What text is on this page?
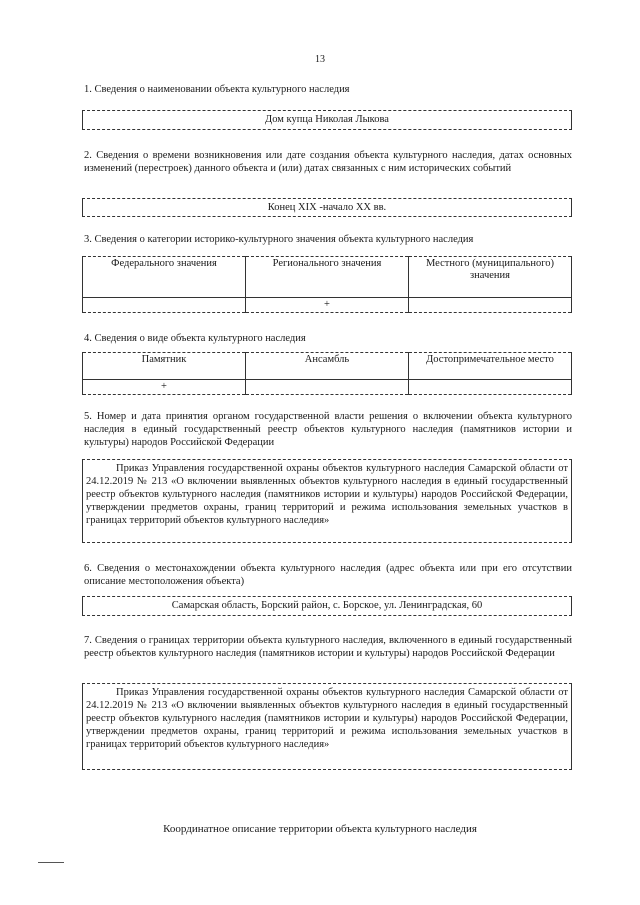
13
1. Сведения о наименовании объекта культурного наследия
Дом купца Николая Лыкова
2. Сведения о времени возникновения или дате создания объекта культурного наследия, датах основных изменений (перестроек) данного объекта и (или) датах связанных с ним исторических событий
Конец XIX -начало XX вв.
3. Сведения о категории историко-культурного значения объекта культурного наследия
Федерального значения	Регионального значения	Местного (муниципального) значения
	+	
4. Сведения о виде объекта культурного наследия
Памятник	Ансамбль	Достопримечательное место
+		
5. Номер и дата принятия органом государственной власти решения о включении объекта культурного наследия в единый государственный реестр объектов культурного наследия (памятников истории и культуры) народов Российской Федерации
Приказ Управления государственной охраны объектов культурного наследия Самарской области от 24.12.2019 № 213 «О включении выявленных объектов культурного наследия в единый государственный реестр объектов культурного наследия (памятников истории и культуры) народов Российской Федерации, утверждении предметов охраны, границ территорий и режима использования земельных участков в границах территорий объектов культурного наследия»
6. Сведения о местонахождении объекта культурного наследия (адрес объекта или при его отсутствии описание местоположения объекта)
Самарская область, Борский район, с. Борское, ул. Ленинградская, 60
7. Сведения о границах территории объекта культурного наследия, включенного в единый государственный реестр объектов культурного наследия (памятников истории и культуры) народов Российской Федерации
Приказ Управления государственной охраны объектов культурного наследия Самарской области от 24.12.2019 № 213 «О включении выявленных объектов культурного наследия в единый государственный реестр объектов культурного наследия (памятников истории и культуры) народов Российской Федерации, утверждении предметов охраны, границ территорий и режима использования земельных участков в границах территорий объектов культурного наследия»
Координатное описание территории объекта культурного наследия
